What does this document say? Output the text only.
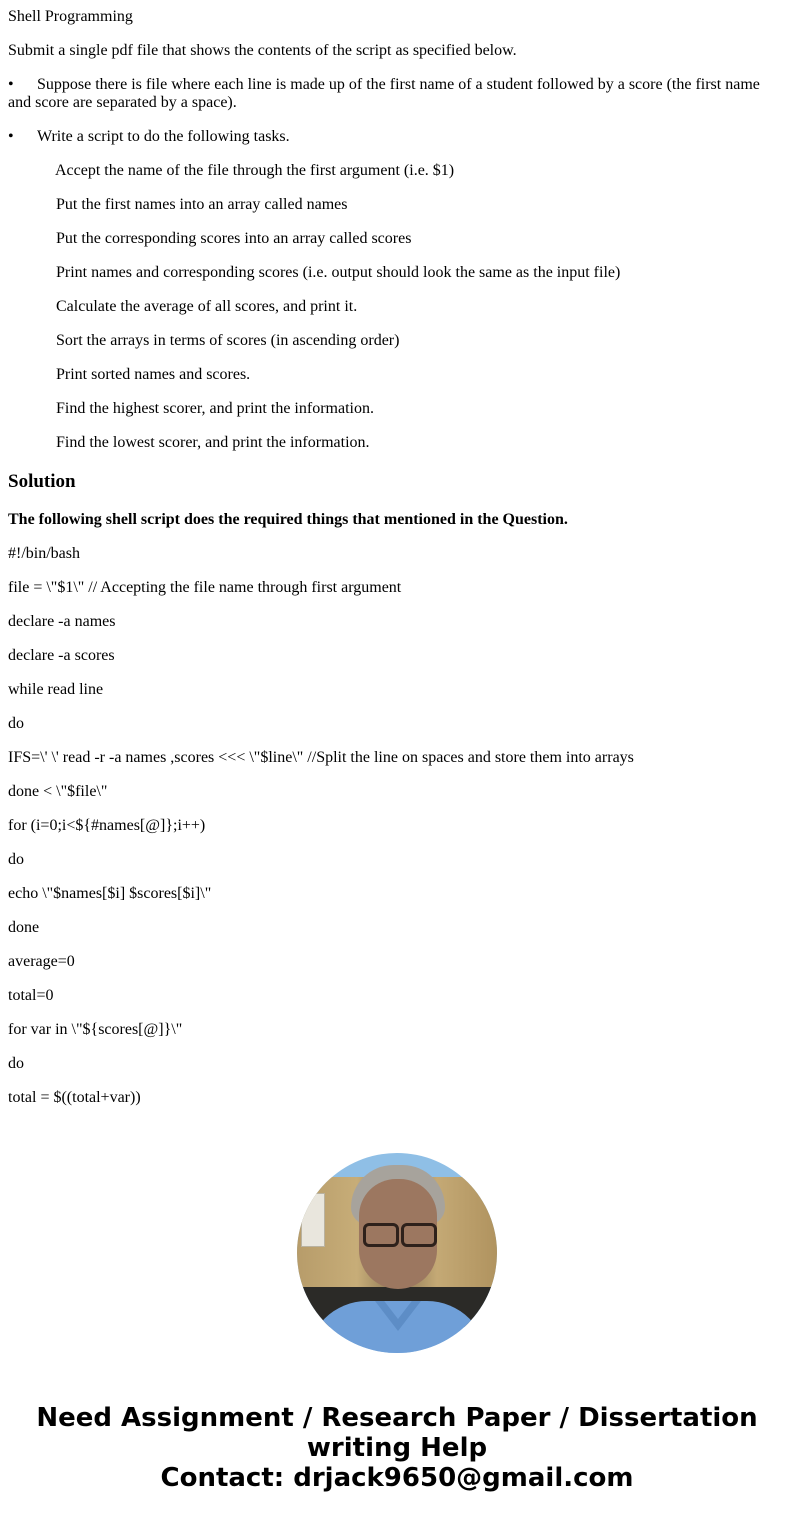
Shell Programming

Submit a single pdf file that shows the contents of the script as specified below.

• Suppose there is file where each line is made up of the first name of a student followed by a score (the first name and score are separated by a space).

• Write a script to do the following tasks.

Accept the name of the file through the first argument (i.e. $1)

Put the first names into an array called names

Put the corresponding scores into an array called scores

Print names and corresponding scores (i.e. output should look the same as the input file)

Calculate the average of all scores, and print it.

Sort the arrays in terms of scores (in ascending order)

Print sorted names and scores.

Find the highest scorer, and print the information.

Find the lowest scorer, and print the information.

Solution

The following shell script does the required things that mentioned in the Question.

#!/bin/bash

file = \"$1\" // Accepting the file name through first argument

declare -a names

declare -a scores

while read line

do

IFS=\' \' read -r -a names ,scores <<< \"$line\" //Split the line on spaces and store them into arrays

done < \"$file\"

for (i=0;i<${#names[@]};i++)

do

echo \"$names[$i] $scores[$i]\"

done

average=0

total=0

for var in \"${scores[@]}\"

do

total = $((total+var))

Need Assignment / Research Paper / Dissertation
writing Help
Contact: drjack9650@gmail.com
